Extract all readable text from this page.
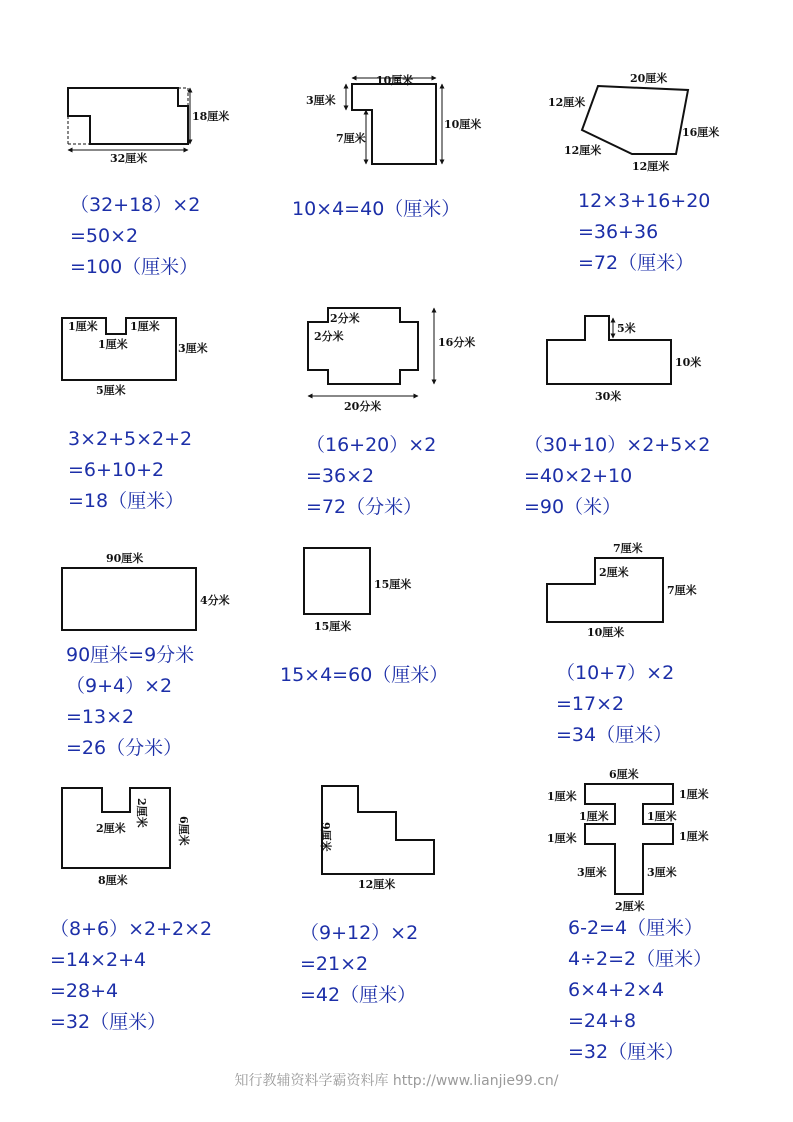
18厘米
32厘米
10厘米
3厘米
7厘米
10厘米
20厘米
12厘米
16厘米
12厘米
12厘米
（32+18）×2
=50×2
=100（厘米）
10×4=40（厘米）	12×3+16+20
=36+36
=72（厘米）
1厘米	1厘米
1厘米	3厘米
5厘米
2分米
2分米	16分米
20分米
5米
10米
30米
3×2+5×2+2
=6+10+2
=18（厘米）
（16+20）×2
=36×2
=72（分米）
（30+10）×2+5×2
=40×2+10
=90（米）
90厘米
4分米
15厘米
15厘米
7厘米
2厘米
7厘米
10厘米
90厘米=9分米
（9+4）×2
=13×2
=26（分米）
15×4=60（厘米）	（10+7）×2
=17×2
=34（厘米）
2厘米
2厘米
6厘米
8厘米
9厘米
12厘米
6厘米
1厘米	1厘米
1厘米	1厘米
1厘米	1厘米
3厘米	3厘米
2厘米
（8+6）×2+2×2
=14×2+4
=28+4
=32（厘米）
（9+12）×2
=21×2
=42（厘米）
6-2=4（厘米）
4÷2=2（厘米）
6×4+2×4
=24+8
=32（厘米）
知行教辅资料学霸资料库 http://www.lianjie99.cn/
